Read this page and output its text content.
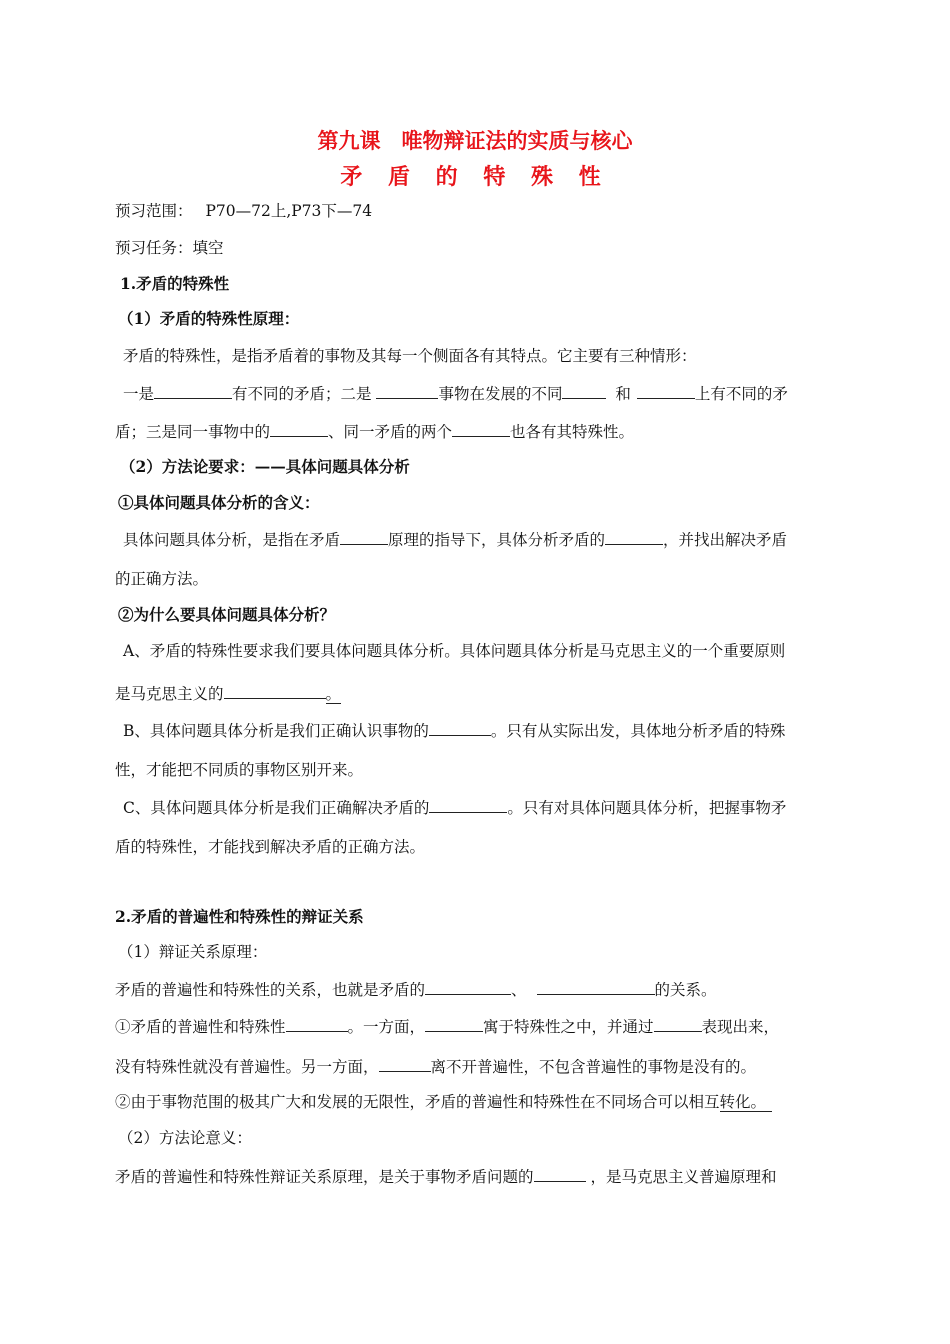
第九课　唯物辩证法的实质与核心
矛 盾 的 特 殊 性
预习范围： P70—72上,P73下—74
预习任务：填空
1.矛盾的特殊性
（1）矛盾的特殊性原理：
矛盾的特殊性，是指矛盾着的事物及其每一个侧面各有其特点。它主要有三种情形：
一是	有不同的矛盾；二是	事物在发展的不同	和	上有不同的矛
盾；三是同一事物中的	、同一矛盾的两个	也各有其特殊性。
（2）方法论要求：——具体问题具体分析
①具体问题具体分析的含义：
具体问题具体分析，是指在矛盾	原理的指导下，具体分析矛盾的	，并找出解决矛盾
的正确方法。
②为什么要具体问题具体分析？
A、矛盾的特殊性要求我们要具体问题具体分析。具体问题具体分析是马克思主义的一个重要原则
是马克思主义的	。
B、具体问题具体分析是我们正确认识事物的	。只有从实际出发，具体地分析矛盾的特殊
性，才能把不同质的事物区别开来。
C、具体问题具体分析是我们正确解决矛盾的	。只有对具体问题具体分析，把握事物矛
盾的特殊性，才能找到解决矛盾的正确方法。
2.矛盾的普遍性和特殊性的辩证关系
（1）辩证关系原理：
矛盾的普遍性和特殊性的关系，也就是矛盾的	、	的关系。
①矛盾的普遍性和特殊性	。一方面，	寓于特殊性之中，并通过	表现出来，
没有特殊性就没有普遍性。另一方面，	离不开普遍性，不包含普遍性的事物是没有的。
②由于事物范围的极其广大和发展的无限性，矛盾的普遍性和特殊性在不同场合可以相互转化。
（2）方法论意义：
矛盾的普遍性和特殊性辩证关系原理，是关于事物矛盾问题的	，是马克思主义普遍原理和
